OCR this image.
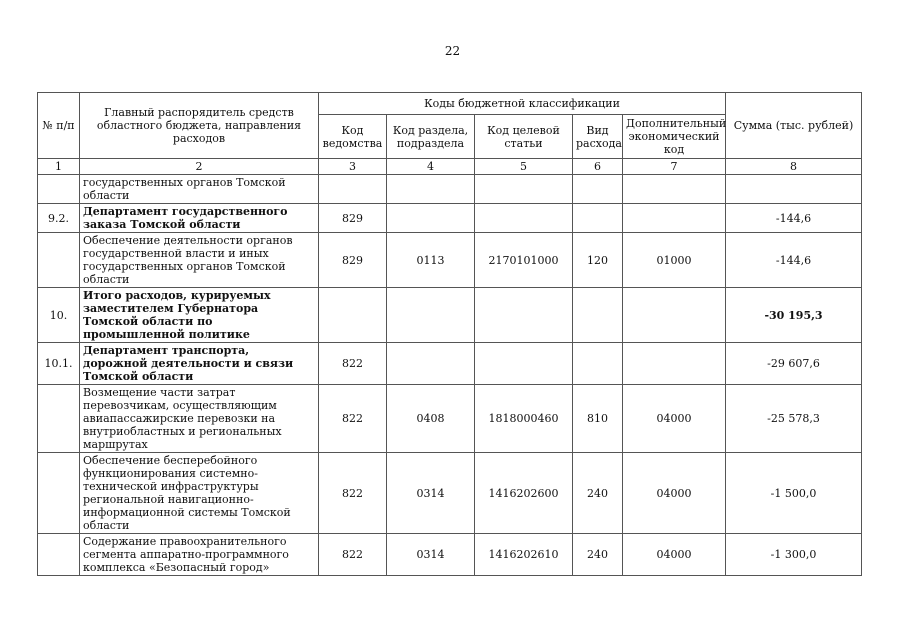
22
№ п/п	Главный распорядитель средств областного бюджета, направления расходов	Коды бюджетной классификации					Сумма (тыс. рублей)
		Код ведомства	Код раздела, подраздела	Код целевой статьи	Вид расхода	Дополнительный экономический код	
1	2	3	4	5	6	7	8
	государственных органов Томской области						
9.2.	Департамент государственного заказа Томской области	829					-144,6
	Обеспечение деятельности органов государственной власти и иных государственных органов Томской области	829	0113	2170101000	120	01000	-144,6
10.	Итого расходов, курируемых заместителем Губернатора Томской области по промышленной политике						-30 195,3
10.1.	Департамент транспорта, дорожной деятельности и связи Томской области	822					-29 607,6
	Возмещение части затрат перевозчикам, осуществляющим авиапассажирские перевозки на внутриобластных и региональных маршрутах	822	0408	1818000460	810	04000	-25 578,3
	Обеспечение бесперебойного функционирования системно-технической инфраструктуры региональной навигационно-информационной системы Томской области	822	0314	1416202600	240	04000	-1 500,0
	Содержание правоохранительного сегмента аппаратно-программного комплекса «Безопасный город»	822	0314	1416202610	240	04000	-1 300,0
